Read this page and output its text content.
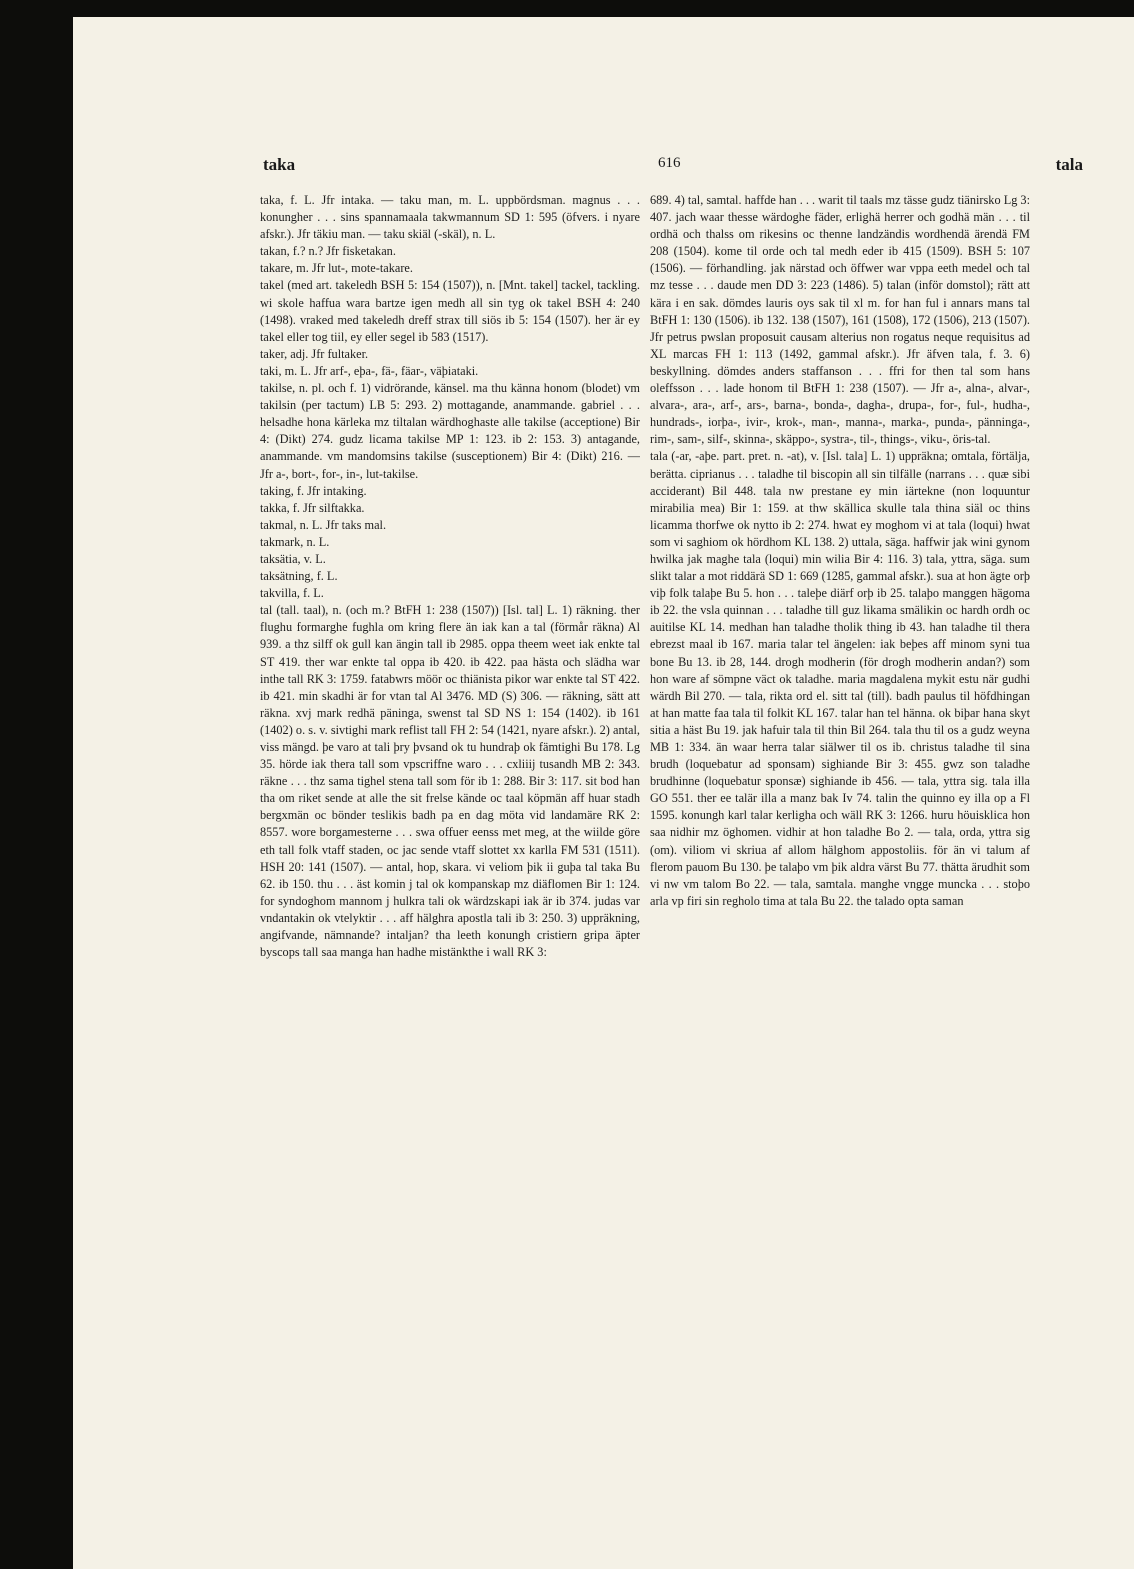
taka	616	tala

taka, f. L. Jfr intaka. — taku man, m. L. uppbördsman. magnus . . . konungher . . . sins spannamaala takwmannum SD 1: 595 (öfvers. i nyare afskr.). Jfr täkiu man. — taku skiäl (-skäl), n. L.

takan, f.? n.? Jfr fisketakan.

takare, m. Jfr lut-, mote-takare.

takel (med art. takeledh BSH 5: 154 (1507)), n. [Mnt. takel] tackel, tackling. wi skole haffua wara bartze igen medh all sin tyg ok takel BSH 4: 240 (1498). vraked med takeledh dreff strax till siös ib 5: 154 (1507). her är ey takel eller tog tiil, ey eller segel ib 583 (1517).

taker, adj. Jfr fultaker.

taki, m. L. Jfr arf-, eþa-, fä-, fäar-, väþiataki.

takilse, n. pl. och f. 1) vidrörande, känsel. ma thu känna honom (blodet) vm takilsin (per tactum) LB 5: 293. 2) mottagande, anammande. gabriel . . . helsadhe hona kärleka mz tiltalan wärdhoghaste alle takilse (acceptione) Bir 4: (Dikt) 274. gudz licama takilse MP 1: 123. ib 2: 153. 3) antagande, anammande. vm mandomsins takilse (susceptionem) Bir 4: (Dikt) 216. — Jfr a-, bort-, for-, in-, lut-takilse.

taking, f. Jfr intaking.

takka, f. Jfr silftakka.

takmal, n. L. Jfr taks mal.

takmark, n. L.

taksätia, v. L.

taksätning, f. L.

takvilla, f. L.

tal (tall. taal), n. (och m.? BtFH 1: 238 (1507)) [Isl. tal] L. 1) räkning. ther flughu formarghe fughla om kring flere än iak kan a tal (förmår räkna) Al 939. a thz silff ok gull kan ängin tall ib 2985. oppa theem weet iak enkte tal ST 419. ther war enkte tal oppa ib 420. ib 422. paa hästa och slädha war inthe tall RK 3: 1759. fatabwrs möör oc thiänista pikor war enkte tal ST 422. ib 421. min skadhi är for vtan tal Al 3476. MD (S) 306. — räkning, sätt att räkna. xvj mark redhä päninga, swenst tal SD NS 1: 154 (1402). ib 161 (1402) o. s. v. sivtighi mark reflist tall FH 2: 54 (1421, nyare afskr.). 2) antal, viss mängd. þe varo at tali þry þvsand ok tu hundraþ ok fämtighi Bu 178. Lg 35. hörde iak thera tall som vpscriffne waro . . . cxliiij tusandh MB 2: 343. räkne . . . thz sama tighel stena tall som för ib 1: 288. Bir 3: 117. sit bod han tha om riket sende at alle the sit frelse kände oc taal köpmän aff huar stadh bergxmän oc bönder teslikis badh pa en dag möta vid landamäre RK 2: 8557. wore borgamesterne . . . swa offuer eenss met meg, at the wiilde göre eth tall folk vtaff staden, oc jac sende vtaff slottet xx karlla FM 531 (1511). HSH 20: 141 (1507). — antal, hop, skara. vi veliom þik ii guþa tal taka Bu 62. ib 150. thu . . . äst komin j tal ok kompanskap mz diäflomen Bir 1: 124. for syndoghom mannom j hulkra tali ok wärdzskapi iak är ib 374. judas var vndantakin ok vtelyktir . . . aff hälghra apostla tali ib 3: 250. 3) uppräkning, angifvande, nämnande? intaljan? tha leeth konungh cristiern gripa äpter byscops tall saa manga han hadhe mistänkthe i wall RK 3:

689. 4) tal, samtal. haffde han . . . warit til taals mz tässe gudz tiänirsko Lg 3: 407. jach waar thesse wärdoghe fäder, erlighä herrer och godhä män . . . til ordhä och thalss om rikesins oc thenne landzändis wordhendä ärendä FM 208 (1504). kome til orde och tal medh eder ib 415 (1509). BSH 5: 107 (1506). — förhandling. jak närstad och öffwer war vppa eeth medel och tal mz tesse . . . daude men DD 3: 223 (1486). 5) talan (inför domstol); rätt att kära i en sak. dömdes lauris oys sak til xl m. for han ful i annars mans tal BtFH 1: 130 (1506). ib 132. 138 (1507), 161 (1508), 172 (1506), 213 (1507). Jfr petrus pwslan proposuit causam alterius non rogatus neque requisitus ad XL marcas FH 1: 113 (1492, gammal afskr.). Jfr äfven tala, f. 3. 6) beskyllning. dömdes anders staffanson . . . ffri for then tal som hans oleffsson . . . lade honom til BtFH 1: 238 (1507). — Jfr a-, alna-, alvar-, alvara-, ara-, arf-, ars-, barna-, bonda-, dagha-, drupa-, for-, ful-, hudha-, hundrads-, iorþa-, ivir-, krok-, man-, manna-, marka-, punda-, pänninga-, rim-, sam-, silf-, skinna-, skäppo-, systra-, til-, things-, viku-, öris-tal.

tala (-ar, -aþe. part. pret. n. -at), v. [Isl. tala] L. 1) uppräkna; omtala, förtälja, berätta. ciprianus . . . taladhe til biscopin all sin tilfälle (narrans . . . quæ sibi acciderant) Bil 448. tala nw prestane ey min iärtekne (non loquuntur mirabilia mea) Bir 1: 159. at thw skällica skulle tala thina siäl oc thins licamma thorfwe ok nytto ib 2: 274. hwat ey moghom vi at tala (loqui) hwat som vi saghiom ok hördhom KL 138. 2) uttala, säga. haffwir jak wini gynom hwilka jak maghe tala (loqui) min wilia Bir 4: 116. 3) tala, yttra, säga. sum slikt talar a mot riddärä SD 1: 669 (1285, gammal afskr.). sua at hon ägte orþ viþ folk talaþe Bu 5. hon . . . taleþe diärf orþ ib 25. talaþo manggen hägoma ib 22. the vsla quinnan . . . taladhe till guz likama smälikin oc hardh ordh oc auitilse KL 14. medhan han taladhe tholik thing ib 43. han taladhe til thera ebrezst maal ib 167. maria talar tel ängelen: iak beþes aff minom syni tua bone Bu 13. ib 28, 144. drogh modherin (för drogh modherin andan?) som hon ware af sömpne väct ok taladhe. maria magdalena mykit estu när gudhi wärdh Bil 270. — tala, rikta ord el. sitt tal (till). badh paulus til höfdhingan at han matte faa tala til folkit KL 167. talar han tel hänna. ok biþar hana skyt sitia a häst Bu 19. jak hafuir tala til thin Bil 264. tala thu til os a gudz weyna MB 1: 334. än waar herra talar siälwer til os ib. christus taladhe til sina brudh (loquebatur ad sponsam) sighiande Bir 3: 455. gwz son taladhe brudhinne (loquebatur sponsæ) sighiande ib 456. — tala, yttra sig. tala illa GO 551. ther ee talär illa a manz bak Iv 74. talin the quinno ey illa op a Fl 1595. konungh karl talar kerligha och wäll RK 3: 1266. huru höuiskliса hon saa nidhir mz öghomen. vidhir at hon taladhe Bo 2. — tala, orda, yttra sig (om). viliom vi skriua af allom hälghom appostoliis. för än vi talum af flerom pauom Bu 130. þe talaþo vm þik aldra värst Bu 77. thätta ärudhit som vi nw vm talom Bo 22. — tala, samtala. manghe vngge muncka . . . stoþo arla vp firi sin regholo tima at tala Bu 22. the talado opta saman
